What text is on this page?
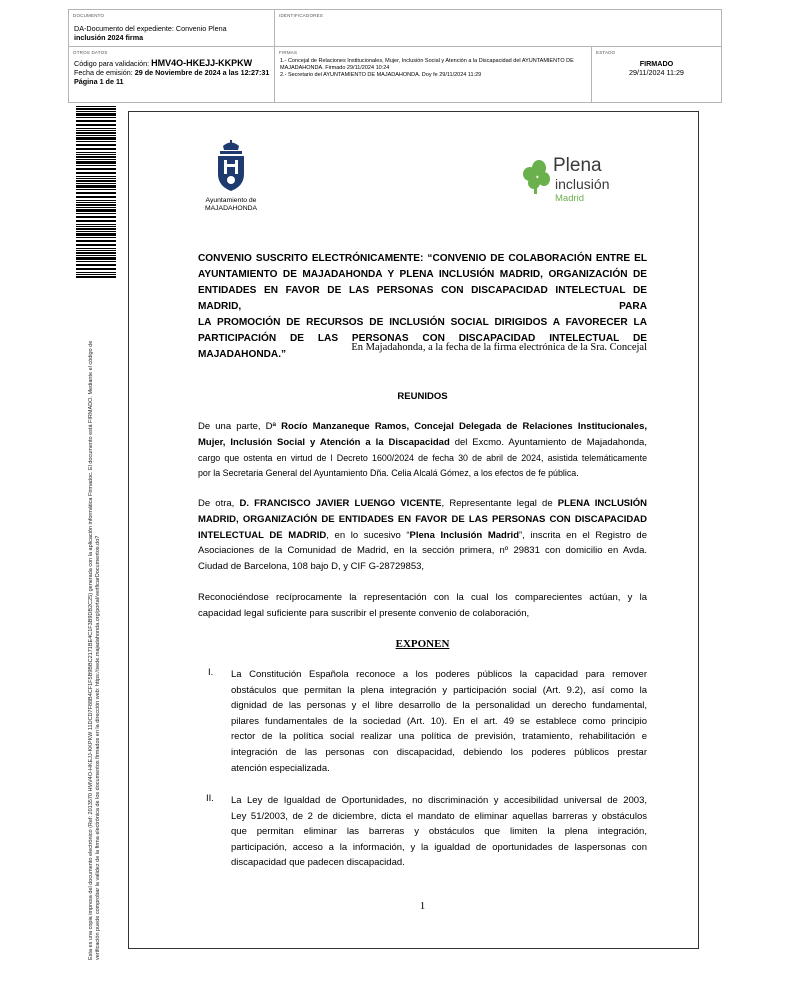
DOCUMENTO
DA-Documento del expediente: Convenio Plena
inclusión 2024 firma
IDENTIFICADORES
OTROS DATOS
Código para validación: HMV4O-HKEJJ-KKPKW
Fecha de emisión: 29 de Noviembre de 2024 a las 12:27:31
Página 1 de 11
FIRMAS
1.- Concejal de Relaciones Institucionales, Mujer, Inclusión Social y Atención a la Discapacidad del AYUNTAMIENTO DE
MAJADAHONDA. Firmado 29/11/2024 10:24
2.- Secretario del AYUNTAMIENTO DE MAJADAHONDA. Doy fe 29/11/2024 11:29
ESTADO
FIRMADO
29/11/2024 11:29
Esta es una copia impresa del documento electrónico (Ref: 2013570 HMV4O-HKEJJ-KKPKW 11DCD7F88B4CF1F5B9BBC2171BE4C1F3B9DB2C25) generada con la aplicación informática Firmadoc. El documento está FIRMADO. Mediante el código de
verificación puede comprobar la validez de la firma electrónica de los documentos firmados en la dirección web: https://sede.majadahonda.org/portal/verificarDocumentos.do?
Ayuntamiento de
MAJADAHONDA
Plena
inclusión
Madrid
CONVENIO SUSCRITO ELECTRÓNICAMENTE: “CONVENIO DE COLABORACIÓN ENTRE EL
AYUNTAMIENTO DE MAJADAHONDA Y PLENA INCLUSIÓN MADRID, ORGANIZACIÓN DE
ENTIDADES EN FAVOR DE LAS PERSONAS CON DISCAPACIDAD INTELECTUAL DE MADRID, PARA
LA PROMOCIÓN DE RECURSOS DE INCLUSIÓN SOCIAL DIRIGIDOS A FAVORECER LA
PARTICIPACIÓN DE LAS PERSONAS CON DISCAPACIDAD INTELECTUAL DE MAJADAHONDA.”
En Majadahonda, a la fecha de la firma electrónica de la Sra. Concejal
REUNIDOS
De una parte, Dª Rocío Manzaneque Ramos, Concejal Delegada de Relaciones Institucionales,
Mujer, Inclusión Social y Atención a la Discapacidad del Excmo. Ayuntamiento de Majadahonda,
cargo que ostenta en virtud de l Decreto 1600/2024 de fecha 30 de abril de 2024, asistida telemáticamente
por la Secretaria General del Ayuntamiento Dña. Celia Alcalá Gómez, a los efectos de fe pública.
De otra, D. FRANCISCO JAVIER LUENGO VICENTE, Representante legal de PLENA INCLUSIÓN
MADRID, ORGANIZACIÓN DE ENTIDADES EN FAVOR DE LAS PERSONAS CON DISCAPACIDAD
INTELECTUAL DE MADRID, en lo sucesivo “Plena Inclusión Madrid”, inscrita en el Registro de
Asociaciones de la Comunidad de Madrid, en la sección primera, nº 29831 con domicilio en Avda.
Ciudad de Barcelona, 108 bajo D, y CIF G-28729853,
Reconociéndose recíprocamente la representación con la cual los comparecientes actúan, y la
capacidad legal suficiente para suscribir el presente convenio de colaboración,
EXPONEN
I. La Constitución Española reconoce a los poderes públicos la capacidad para remover
obstáculos que permitan la plena integración y participación social (Art. 9.2), así como la
dignidad de las personas y el libre desarrollo de la personalidad un derecho fundamental,
pilares fundamentales de la sociedad (Art. 10). En el art. 49 se establece como principio
rector de la política social realizar una política de previsión, tratamiento, rehabilitación e
integración de las personas con discapacidad, debiendo los poderes públicos prestar
atención especializada.
II. La Ley de Igualdad de Oportunidades, no discriminación y accesibilidad universal de 2003,
Ley 51/2003, de 2 de diciembre, dicta el mandato de eliminar aquellas barreras y obstáculos
que permitan eliminar las barreras y obstáculos que limiten la plena integración,
participación, acceso a la información, y la igualdad de oportunidades de laspersonas con
discapacidad que padecen discapacidad.
1
